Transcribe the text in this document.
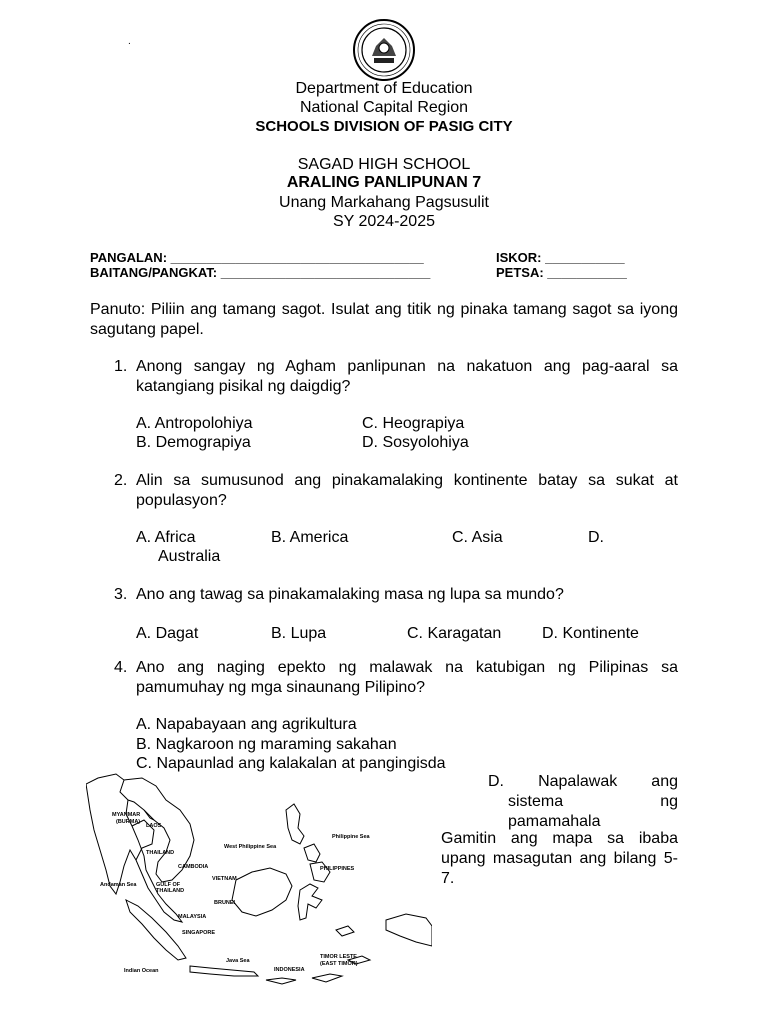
.
Department of Education
National Capital Region
SCHOOLS DIVISION OF PASIG CITY
SAGAD HIGH SCHOOL
ARALING PANLIPUNAN 7
Unang Markahang Pagsusulit
SY 2024-2025
PANGALAN: ___________________________________	ISKOR: ___________
BAITANG/PANGKAT: _____________________________	PETSA: ___________
Panuto: Piliin ang tamang sagot. Isulat ang titik ng pinaka tamang sagot sa iyong sagutang papel.
1. Anong sangay ng Agham panlipunan na nakatuon ang pag-aaral sa katangiang pisikal ng daigdig?
A. Antropolohiya	C. Heograpiya
B. Demograpiya	D. Sosyolohiya
2. Alin sa sumusunod ang pinakamalaking kontinente batay sa sukat at populasyon?
A. Africa	B. America	C. Asia	D.
Australia
3. Ano ang tawag sa pinakamalaking masa ng lupa sa mundo?
A. Dagat	B. Lupa	C. Karagatan	D. Kontinente
4. Ano ang naging epekto ng malawak na katubigan ng Pilipinas sa pamumuhay ng mga sinaunang Pilipino?
A. Napabayaan ang agrikultura
B. Nagkaroon ng maraming sakahan
C. Napaunlad ang kalakalan at pangingisda
D. Napalawak ang sistema ng pamamahala
Gamitin ang mapa sa ibaba upang masagutan ang bilang 5-7.
MYANMAR
(BURMA)
LAOS
THAILAND
CAMBODIA
VIETNAM
PHILIPPINES
Philippine Sea
West Philippine Sea
Andaman Sea	GULF OF
THAILAND
BRUNEI
MALAYSIA
SINGAPORE
Java Sea
INDONESIA
TIMOR LESTE
(EAST TIMOR)
Indian Ocean
